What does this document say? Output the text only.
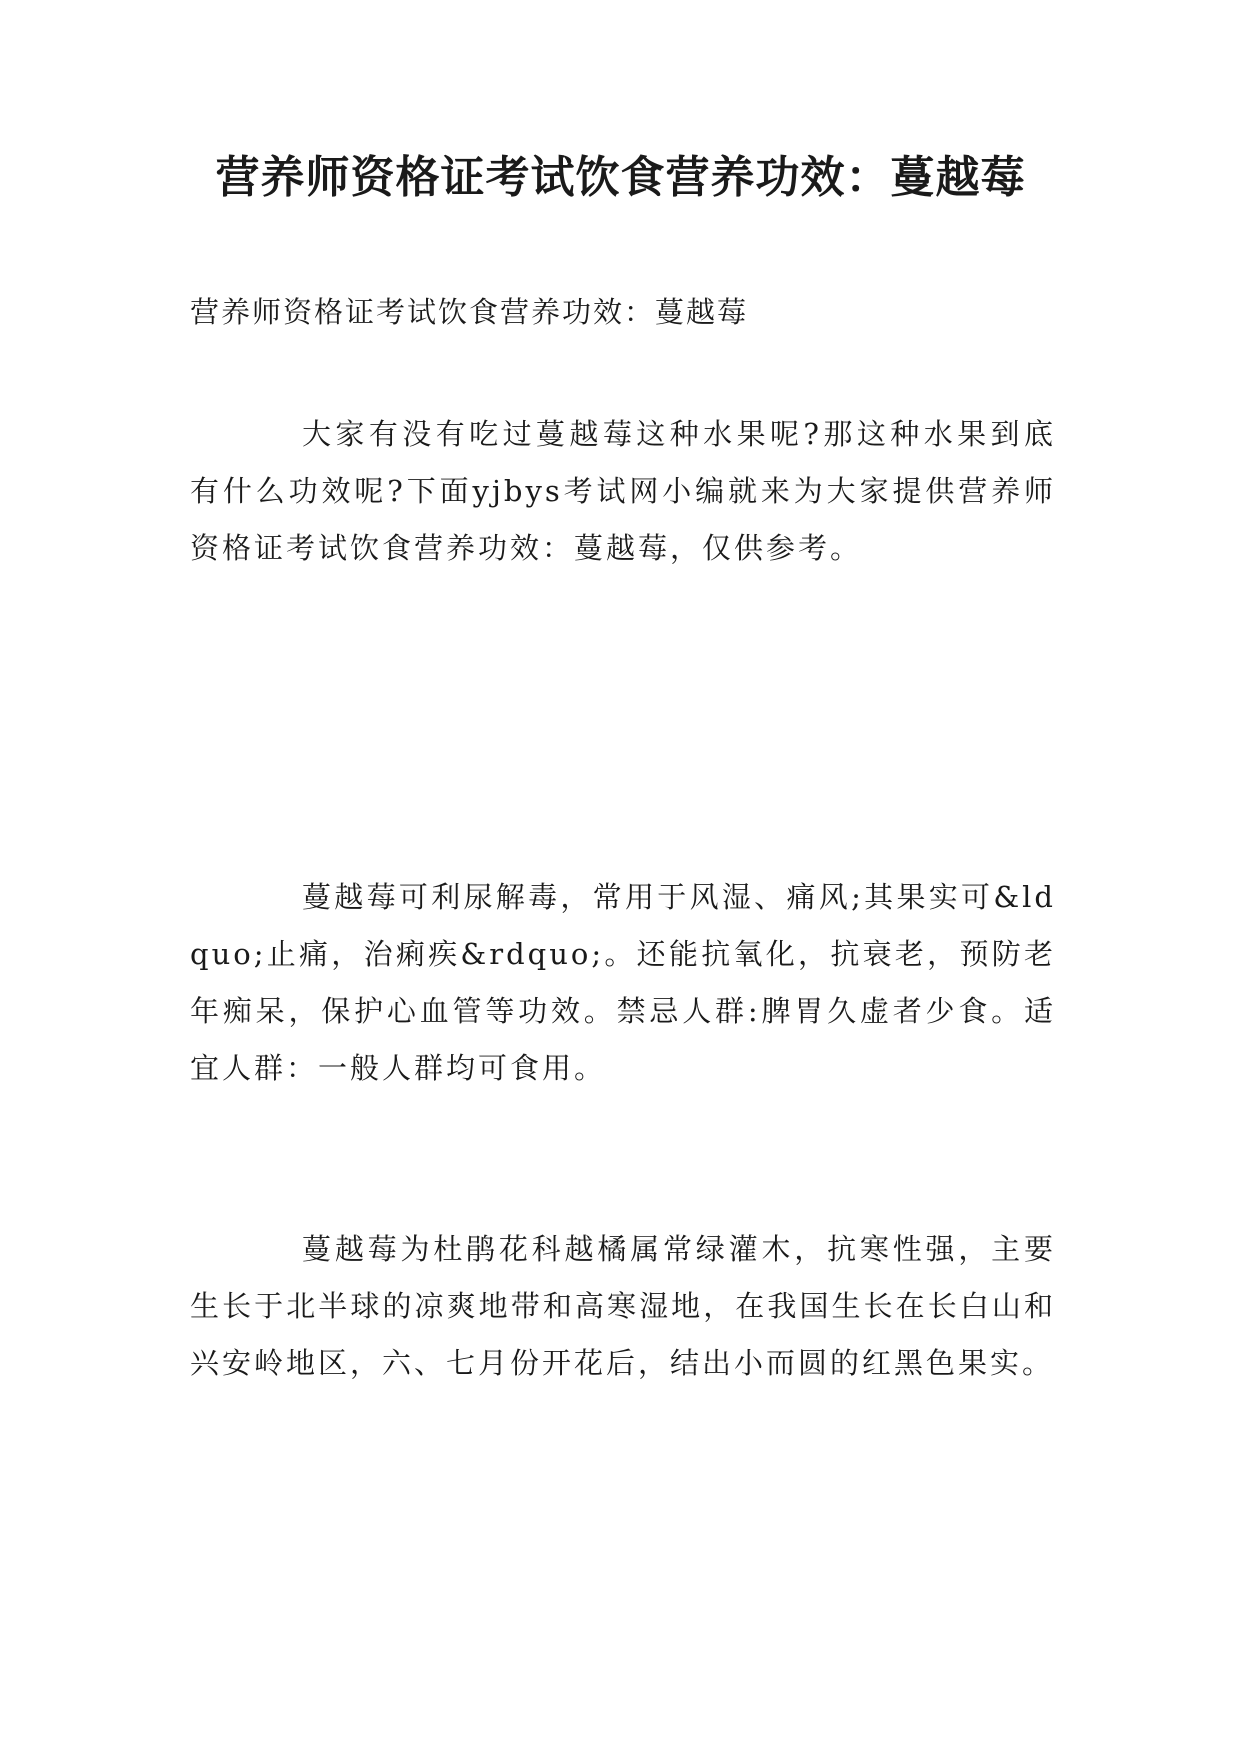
营养师资格证考试饮食营养功效：蔓越莓

营养师资格证考试饮食营养功效：蔓越莓

大家有没有吃过蔓越莓这种水果呢?那这种水果到底有什么功效呢?下面yjbys考试网小编就来为大家提供营养师资格证考试饮食营养功效：蔓越莓，仅供参考。

蔓越莓可利尿解毒，常用于风湿、痛风;其果实可&ldquo;止痛，治痢疾&rdquo;。还能抗氧化，抗衰老，预防老年痴呆，保护心血管等功效。禁忌人群:脾胃久虚者少食。适宜人群：一般人群均可食用。

蔓越莓为杜鹃花科越橘属常绿灌木，抗寒性强，主要生长于北半球的凉爽地带和高寒湿地，在我国生长在长白山和兴安岭地区，六、七月份开花后，结出小而圆的红黑色果实。
